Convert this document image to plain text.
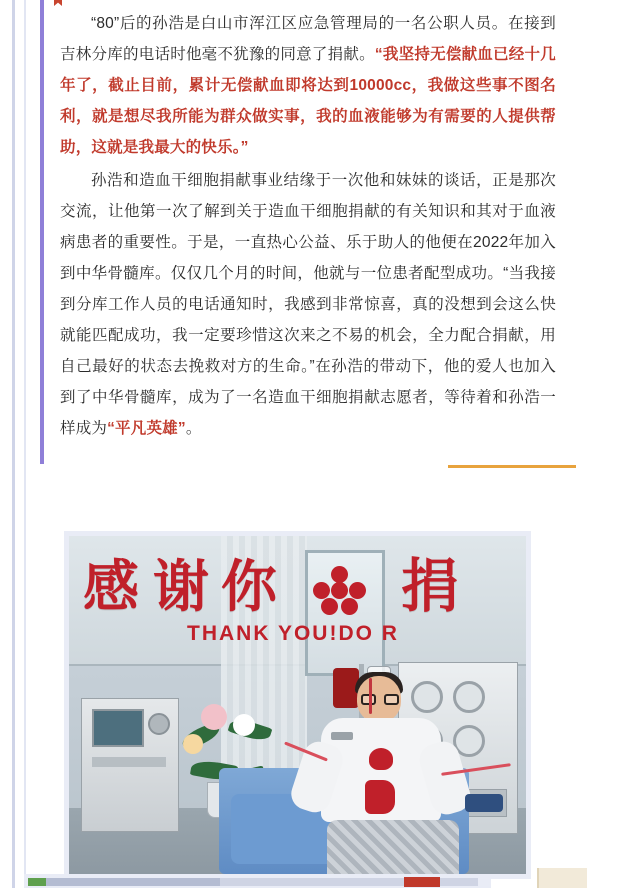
“80”后的孙浩是白山市浑江区应急管理局的一名公职人员。在接到吉林分库的电话时他毫不犹豫的同意了捐献。“我坚持无偿献血已经十几年了，截止目前，累计无偿献血即将达到10000cc，我做这些事不图名利，就是想尽我所能为群众做实事，我的血液能够为有需要的人提供帮助，这就是我最大的快乐。”

孙浩和造血干细胞捐献事业结缘于一次他和妹妹的谈话，正是那次交流，让他第一次了解到关于造血干细胞捐献的有关知识和其对于血液病患者的重要性。于是，一直热心公益、乐于助人的他便在2022年加入到中华骨髓库。仅仅几个月的时间，他就与一位患者配型成功。“当我接到分库工作人员的电话通知时，我感到非常惊喜，真的没想到会这么快就能匹配成功，我一定要珍惜这次来之不易的机会，全力配合捐献，用自己最好的状态去挽救对方的生命。”在孙浩的带动下，他的爱人也加入到了中华骨髓库，成为了一名造血干细胞捐献志愿者，等待着和孙浩一样成为“平凡英雄”。

感 谢 你 捐
THANK YOU!DO R
